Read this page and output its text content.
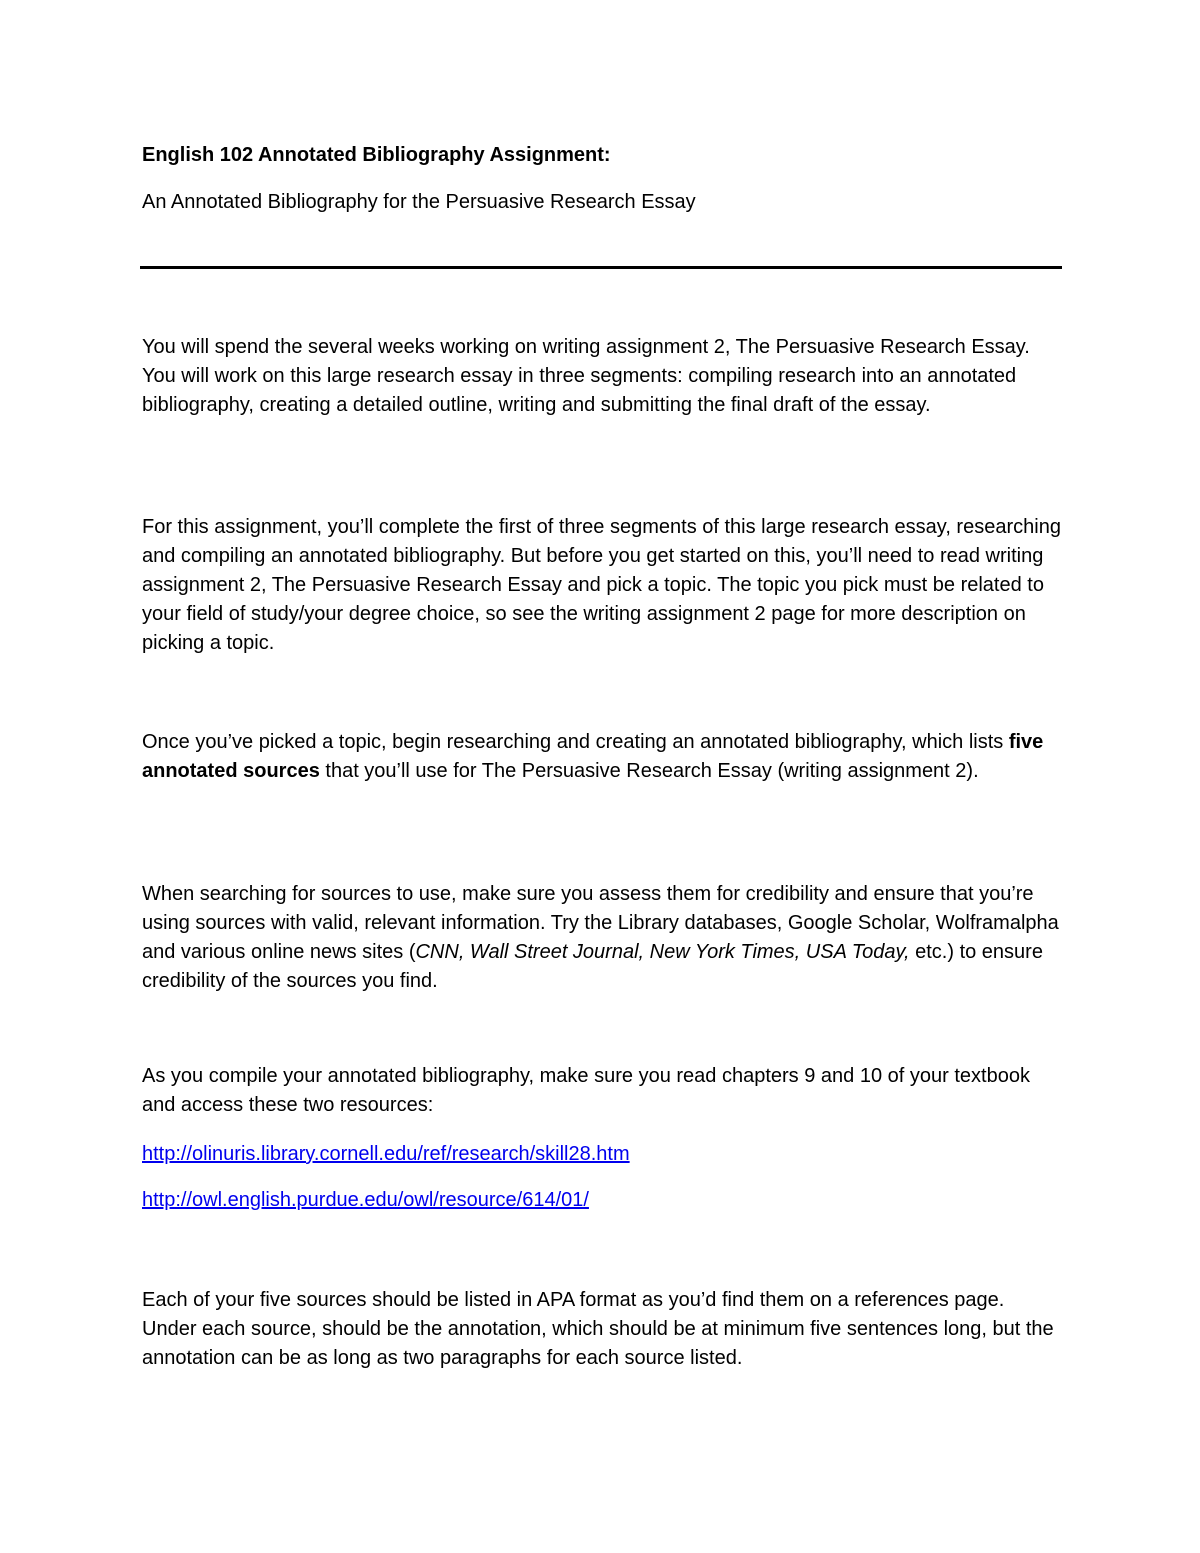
English 102 Annotated Bibliography Assignment:

An Annotated Bibliography for the Persuasive Research Essay

You will spend the several weeks working on writing assignment 2, The Persuasive Research Essay. You will work on this large research essay in three segments: compiling research into an annotated bibliography, creating a detailed outline, writing and submitting the final draft of the essay.

For this assignment, you’ll complete the first of three segments of this large research essay, researching and compiling an annotated bibliography. But before you get started on this, you’ll need to read writing assignment 2, The Persuasive Research Essay and pick a topic. The topic you pick must be related to your field of study/your degree choice, so see the writing assignment 2 page for more description on picking a topic.

Once you’ve picked a topic, begin researching and creating an annotated bibliography, which lists five annotated sources that you’ll use for The Persuasive Research Essay (writing assignment 2).

When searching for sources to use, make sure you assess them for credibility and ensure that you’re using sources with valid, relevant information. Try the Library databases, Google Scholar, Wolframalpha and various online news sites (CNN, Wall Street Journal, New York Times, USA Today, etc.) to ensure credibility of the sources you find.

As you compile your annotated bibliography, make sure you read chapters 9 and 10 of your textbook and access these two resources:

http://olinuris.library.cornell.edu/ref/research/skill28.htm
http://owl.english.purdue.edu/owl/resource/614/01/

Each of your five sources should be listed in APA format as you’d find them on a references page. Under each source, should be the annotation, which should be at minimum five sentences long, but the annotation can be as long as two paragraphs for each source listed.
